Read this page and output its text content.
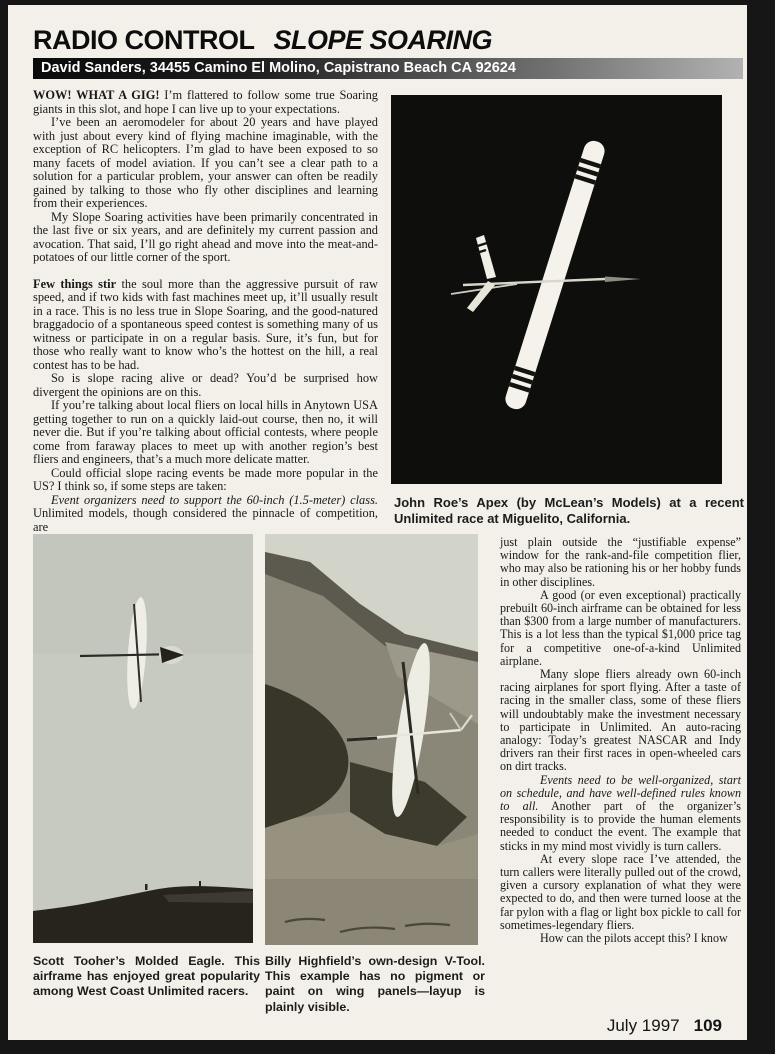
RADIO CONTROL SLOPE SOARING
David Sanders, 34455 Camino El Molino, Capistrano Beach CA 92624

WOW! WHAT A GIG! I’m flattered to follow some true Soaring giants in this slot, and hope I can live up to your expectations.

I’ve been an aeromodeler for about 20 years and have played with just about every kind of flying machine imaginable, with the exception of RC helicopters. I’m glad to have been exposed to so many facets of model aviation. If you can’t see a clear path to a solution for a particular problem, your answer can often be readily gained by talking to those who fly other disciplines and learning from their experiences.

My Slope Soaring activities have been primarily concentrated in the last five or six years, and are definitely my current passion and avocation. That said, I’ll go right ahead and move into the meat-and-potatoes of our little corner of the sport.

Few things stir the soul more than the aggressive pursuit of raw speed, and if two kids with fast machines meet up, it’ll usually result in a race. This is no less true in Slope Soaring, and the good-natured braggadocio of a spontaneous speed contest is something many of us witness or participate in on a regular basis. Sure, it’s fun, but for those who really want to know who’s the hottest on the hill, a real contest has to be had.

So is slope racing alive or dead? You’d be surprised how divergent the opinions are on this.

If you’re talking about local fliers on local hills in Anytown USA getting together to run on a quickly laid-out course, then no, it will never die. But if you’re talking about official contests, where people come from faraway places to meet up with another region’s best fliers and engineers, that’s a much more delicate matter.

Could official slope racing events be made more popular in the US? I think so, if some steps are taken:

Event organizers need to support the 60-inch (1.5-meter) class. Unlimited models, though considered the pinnacle of competition, are

John Roe’s Apex (by McLean’s Models) at a recent Unlimited race at Miguelito, California.

just plain outside the “justifiable expense” window for the rank-and-file competition flier, who may also be rationing his or her hobby funds in other disciplines.

A good (or even exceptional) practically prebuilt 60-inch airframe can be obtained for less than $300 from a large number of manufacturers. This is a lot less than the typical $1,000 price tag for a competitive one-of-a-kind Unlimited airplane.

Many slope fliers already own 60-inch racing airplanes for sport flying. After a taste of racing in the smaller class, some of these fliers will undoubtably make the investment necessary to participate in Unlimited. An auto-racing analogy: Today’s greatest NASCAR and Indy drivers ran their first races in open-wheeled cars on dirt tracks.

Events need to be well-organized, start on schedule, and have well-defined rules known to all. Another part of the organizer’s responsibility is to provide the human elements needed to conduct the event. The example that sticks in my mind most vividly is turn callers.

At every slope race I’ve attended, the turn callers were literally pulled out of the crowd, given a cursory explanation of what they were expected to do, and then were turned loose at the far pylon with a flag or light box pickle to call for sometimes-legendary fliers.

How can the pilots accept this? I know

Scott Tooher’s Molded Eagle. This airframe has enjoyed great popularity among West Coast Unlimited racers.
Billy Highfield’s own-design V-Tool. This example has no pigment or paint on wing panels—layup is plainly visible.
July 1997 109
